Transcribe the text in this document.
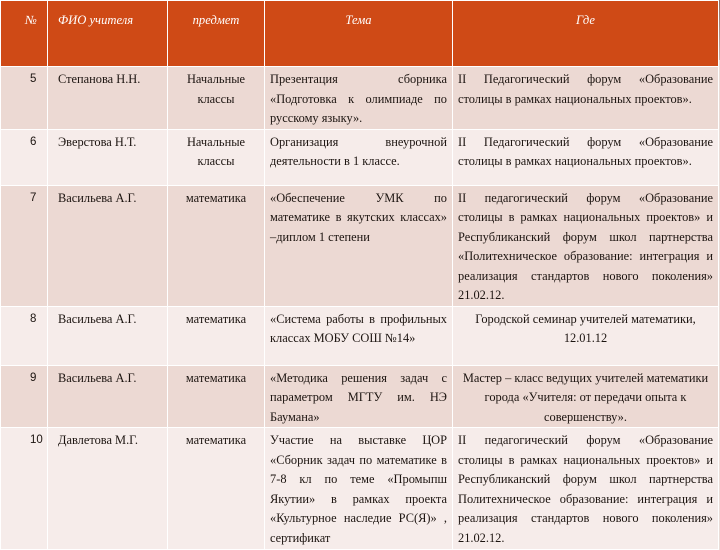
№	ФИО учителя	предмет	Тема	Где
5	Степанова Н.Н.	Начальные классы	Презентация сборника «Подготовка к олимпиаде по русскому языку».	II Педагогический форум «Образование столицы в рамках национальных проектов».
6	Эверстова Н.Т.	Начальные классы	Организация внеурочной деятельности в 1 классе.	II Педагогический форум «Образование столицы в рамках национальных проектов».
7	Васильева А.Г.	математика	«Обеспечение УМК по математике в якутских классах» –диплом 1 степени	II педагогический форум «Образование столицы в рамках национальных проектов» и Республиканский форум школ партнерства «Политехническое образование: интеграция и реализация стандартов нового поколения» 21.02.12.
8	Васильева А.Г.	математика	«Система работы в профильных классах МОБУ СОШ №14»	Городской семинар учителей математики, 12.01.12
9	Васильева А.Г.	математика	«Методика решения задач с параметром МГТУ им. НЭ Баумана»	Мастер – класс ведущих учителей математики города «Учителя: от передачи опыта к совершенству».
10	Давлетова М.Г.	математика	Участие на выставке ЦОР «Сборник задач по математике в 7-8 кл по теме «Промыпш Якутии» в рамках проекта «Культурное наследие РС(Я)» , сертификат	II педагогический форум «Образование столицы в рамках национальных проектов» и Республиканский форум школ партнерства Политехническое образование: интеграция и реализация стандартов нового поколения» 21.02.12.
